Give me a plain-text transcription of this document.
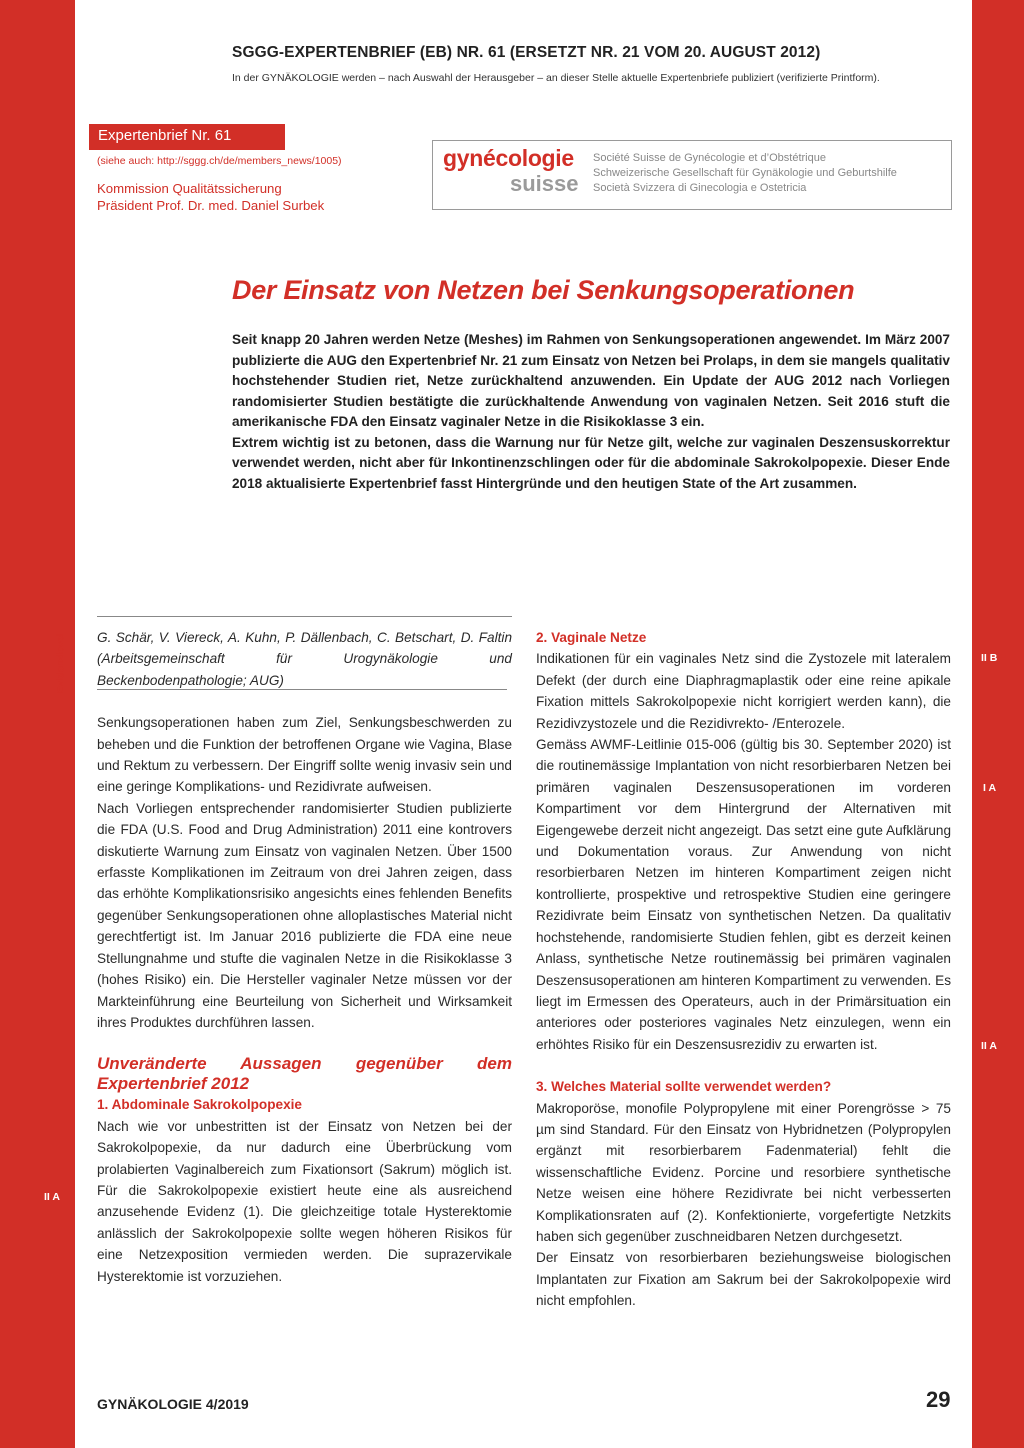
SGGG-EXPERTENBRIEF (EB) NR. 61 (ERSETZT NR. 21 VOM 20. AUGUST 2012)
In der GYNÄKOLOGIE werden – nach Auswahl der Herausgeber – an dieser Stelle aktuelle Expertenbriefe publiziert (verifizierte Printform).
Expertenbrief Nr. 61
(siehe auch: http://sggg.ch/de/members_news/1005)
Kommission Qualitätssicherung
Präsident Prof. Dr. med. Daniel Surbek
gynécologie
suisse
Société Suisse de Gynécologie et d’Obstétrique
Schweizerische Gesellschaft für Gynäkologie und Geburtshilfe
Società Svizzera di Ginecologia e Ostetricia
Der Einsatz von Netzen bei Senkungsoperationen

Seit knapp 20 Jahren werden Netze (Meshes) im Rahmen von Senkungsoperationen angewendet. Im März 2007 publizierte die AUG den Expertenbrief Nr. 21 zum Einsatz von Netzen bei Prolaps, in dem sie mangels qualitativ hochstehender Studien riet, Netze zurückhaltend anzuwenden. Ein Update der AUG 2012 nach Vorliegen randomisierter Studien bestätigte die zurückhaltende Anwendung von vaginalen Netzen. Seit 2016 stuft die amerikanische FDA den Einsatz vaginaler Netze in die Risikoklasse 3 ein.

Extrem wichtig ist zu betonen, dass die Warnung nur für Netze gilt, welche zur vaginalen Deszensuskorrektur verwendet werden, nicht aber für Inkontinenzschlingen oder für die abdominale Sakrokolpopexie. Dieser Ende 2018 aktualisierte Expertenbrief fasst Hintergründe und den heutigen State of the Art zusammen.

Evidenzlevel	II B
I A
II A
II A

G. Schär, V. Viereck, A. Kuhn, P. Dällenbach, C. Betschart, D. Faltin (Arbeitsgemeinschaft für Urogynäkologie und Beckenbodenpathologie; AUG)

Senkungsoperationen haben zum Ziel, Senkungsbeschwerden zu beheben und die Funktion der betroffenen Organe wie Vagina, Blase und Rektum zu verbessern. Der Eingriff sollte wenig invasiv sein und eine geringe Komplikations- und Rezidivrate aufweisen.

Nach Vorliegen entsprechender randomisierter Studien publizierte die FDA (U.S. Food and Drug Administration) 2011 eine kontrovers diskutierte Warnung zum Einsatz von vaginalen Netzen. Über 1500 erfasste Komplikationen im Zeitraum von drei Jahren zeigen, dass das erhöhte Komplikationsrisiko angesichts eines fehlenden Benefits gegenüber Senkungsoperationen ohne alloplastisches Material nicht gerechtfertigt ist. Im Januar 2016 publizierte die FDA eine neue Stellungnahme und stufte die vaginalen Netze in die Risikoklasse 3 (hohes Risiko) ein. Die Hersteller vaginaler Netze müssen vor der Markteinführung eine Beurteilung von Sicherheit und Wirksamkeit ihres Produktes durchführen lassen.

Unveränderte Aussagen gegenüber dem Expertenbrief 2012

1. Abdominale Sakrokolpopexie

Nach wie vor unbestritten ist der Einsatz von Netzen bei der Sakrokolpopexie, da nur dadurch eine Überbrückung vom prolabierten Vaginalbereich zum Fixationsort (Sakrum) möglich ist. Für die Sakrokolpopexie existiert heute eine als ausreichend anzusehende Evidenz (1). Die gleichzeitige totale Hysterektomie anlässlich der Sakrokolpopexie sollte wegen höheren Risikos für eine Netzexposition vermieden werden. Die suprazervikale Hysterektomie ist vorzuziehen.

2. Vaginale Netze

Indikationen für ein vaginales Netz sind die Zystozele mit lateralem Defekt (der durch eine Diaphragmaplastik oder eine reine apikale Fixation mittels Sakrokolpopexie nicht korrigiert werden kann), die Rezidivzystozele und die Rezidivrekto- /Enterozele.

Gemäss AWMF-Leitlinie 015-006 (gültig bis 30. September 2020) ist die routinemässige Implantation von nicht resorbierbaren Netzen bei primären vaginalen Deszensusoperationen im vorderen Kompartiment vor dem Hintergrund der Alternativen mit Eigengewebe derzeit nicht angezeigt. Das setzt eine gute Aufklärung und Dokumentation voraus. Zur Anwendung von nicht resorbierbaren Netzen im hinteren Kompartiment zeigen nicht kontrollierte, prospektive und retrospektive Studien eine geringere Rezidivrate beim Einsatz von synthetischen Netzen. Da qualitativ hochstehende, randomisierte Studien fehlen, gibt es derzeit keinen Anlass, synthetische Netze routinemässig bei primären vaginalen Deszensusoperationen am hinteren Kompartiment zu verwenden. Es liegt im Ermessen des Operateurs, auch in der Primärsituation ein anteriores oder posteriores vaginales Netz einzulegen, wenn ein erhöhtes Risiko für ein Deszensusrezidiv zu erwarten ist.

3. Welches Material sollte verwendet werden?

Makroporöse, monofile Polypropylene mit einer Porengrösse > 75 µm sind Standard. Für den Einsatz von Hybridnetzen (Polypropylen ergänzt mit resorbierbarem Fadenmaterial) fehlt die wissenschaftliche Evidenz. Porcine und resorbiere synthetische Netze weisen eine höhere Rezidivrate bei nicht verbesserten Komplikationsraten auf (2). Konfektionierte, vorgefertigte Netzkits haben sich gegenüber zuschneidbaren Netzen durchgesetzt.

Der Einsatz von resorbierbaren beziehungsweise biologischen Implantaten zur Fixation am Sakrum bei der Sakrokolpopexie wird nicht empfohlen.

GYNÄKOLOGIE 4/2019	29
